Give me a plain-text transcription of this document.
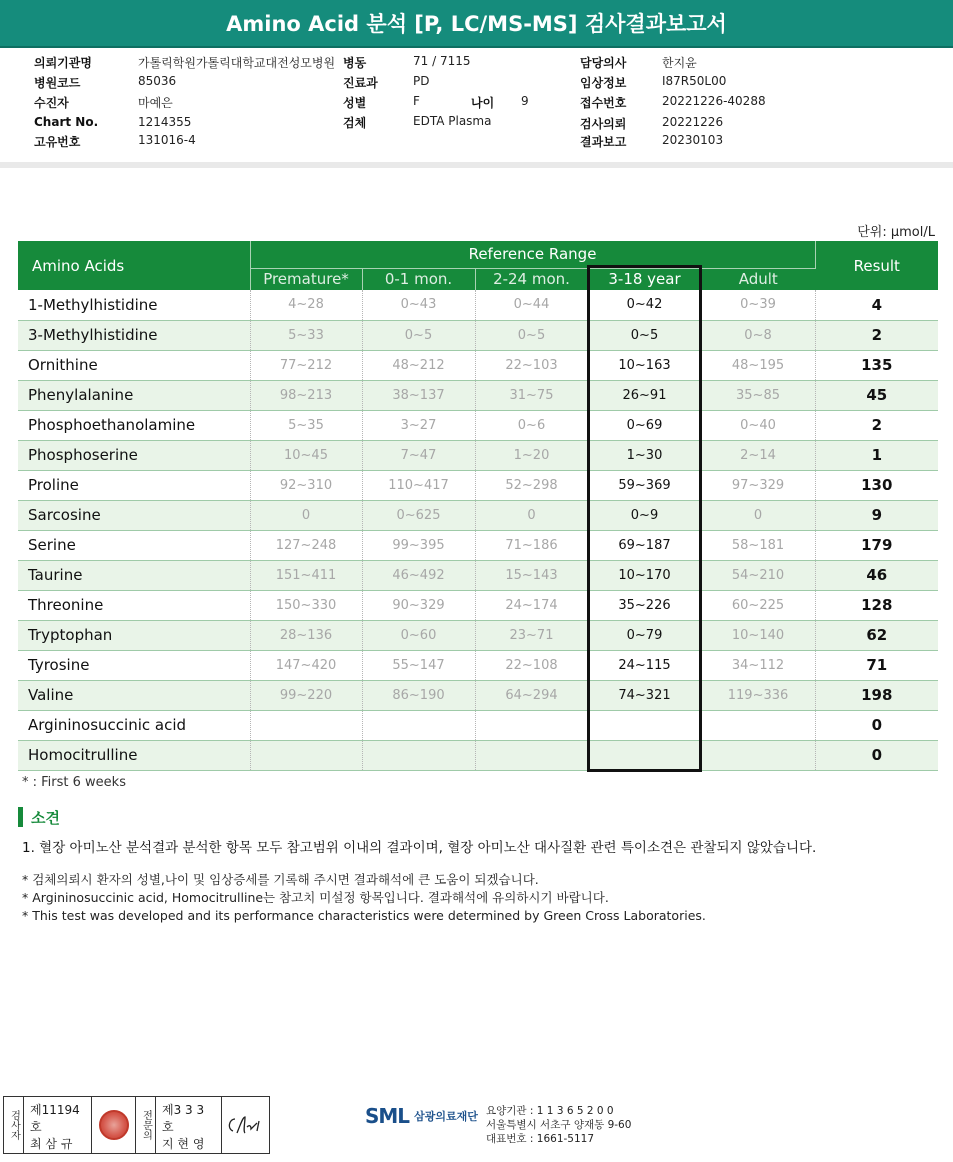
Amino Acid 분석 [P, LC/MS-MS] 검사결과보고서
의뢰기관명	가톨릭학원가톨릭대학교대전성모병원
병원코드	85036
수진자	마예은
Chart No.	1214355
고유번호	131016-4
병동	71 / 7115
진료과	PD
성별	F	나이 9
검체	EDTA Plasma
담당의사	한지윤
임상정보	I87R50L00
접수번호	20221226-40288
검사의뢰	20221226
결과보고	20230103
단위: μmol/L
Amino Acids	Reference Range					Result
	Premature*	0-1 mon.	2-24 mon.	3-18 year	Adult	
1-Methylhistidine	4~28	0~43	0~44	0~42	0~39	4
3-Methylhistidine	5~33	0~5	0~5	0~5	0~8	2
Ornithine	77~212	48~212	22~103	10~163	48~195	135
Phenylalanine	98~213	38~137	31~75	26~91	35~85	45
Phosphoethanolamine	5~35	3~27	0~6	0~69	0~40	2
Phosphoserine	10~45	7~47	1~20	1~30	2~14	1
Proline	92~310	110~417	52~298	59~369	97~329	130
Sarcosine	0	0~625	0	0~9	0	9
Serine	127~248	99~395	71~186	69~187	58~181	179
Taurine	151~411	46~492	15~143	10~170	54~210	46
Threonine	150~330	90~329	24~174	35~226	60~225	128
Tryptophan	28~136	0~60	23~71	0~79	10~140	62
Tyrosine	147~420	55~147	22~108	24~115	34~112	71
Valine	99~220	86~190	64~294	74~321	119~336	198
Argininosuccinic acid						0
Homocitrulline						0
* : First 6 weeks
소견
1. 혈장 아미노산 분석결과 분석한 항목 모두 참고범위 이내의 결과이며, 혈장 아미노산 대사질환 관련 특이소견은 관찰되지 않았습니다.
* 검체의뢰시 환자의 성별,나이 및 임상증세를 기록해 주시면 결과해석에 큰 도움이 되겠습니다.
* Argininosuccinic acid, Homocitrulline는 참고치 미설정 항목입니다. 결과해석에 유의하시기 바랍니다.
* This test was developed and its performance characteristics were determined by Green Cross Laboratories.
검사자 제11194호
최 삼 규
전문의 제3 3 3 호
지 현 영
SML 삼광의료재단 요양기관 : 1 1 3 6 5 2 0 0
서울특별시 서초구 양재동 9-60
대표번호 : 1661-5117
